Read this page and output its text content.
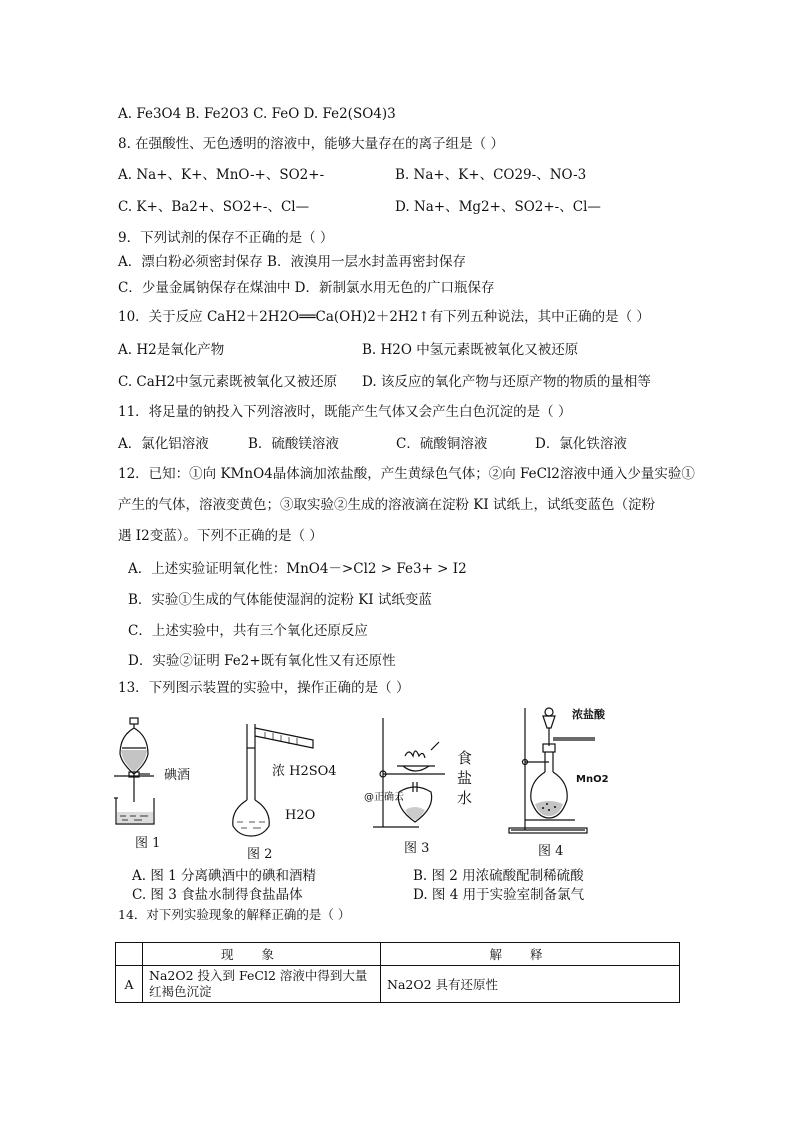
A. Fe3O4 B. Fe2O3 C. FeO D. Fe2(SO4)3
8. 在强酸性、无色透明的溶液中，能够大量存在的离子组是（ ）
A. Na+、K+、MnO-+、SO2+-	B. Na+、K+、CO29-、NO-3
C. K+、Ba2+、SO2+-、Cl—	D. Na+、Mg2+、SO2+-、Cl—
9．下列试剂的保存不正确的是（ ）
A．漂白粉必须密封保存 B．液溴用一层水封盖再密封保存
C．少量金属钠保存在煤油中 D．新制氯水用无色的广口瓶保存
10．关于反应 CaH2＋2H2O══Ca(OH)2＋2H2↑有下列五种说法，其中正确的是（ ）
A. H2是氧化产物	B. H2O 中氢元素既被氧化又被还原
C. CaH2中氢元素既被氧化又被还原 D. 该反应的氧化产物与还原产物的物质的量相等
11．将足量的钠投入下列溶液时，既能产生气体又会产生白色沉淀的是（ ）
A．氯化铝溶液	B．硫酸镁溶液	C．硫酸铜溶液	D．氯化铁溶液
12．已知：①向 KMnO4晶体滴加浓盐酸，产生黄绿色气体；②向 FeCl2溶液中通入少量实验①
产生的气体，溶液变黄色；③取实验②生成的溶液滴在淀粉 KI 试纸上，试纸变蓝色（淀粉
遇 I2变蓝）。下列不正确的是（ ）
A．上述实验证明氧化性：MnO4－>Cl2 > Fe3+ > I2
B．实验①生成的气体能使湿润的淀粉 KI 试纸变蓝
C．上述实验中，共有三个氧化还原反应
D．实验②证明 Fe2+既有氧化性又有还原性
13．下列图示装置的实验中，操作正确的是（ ）
碘酒
图 1
浓 H2SO4
H2O
图 2
食盐水
@正确云
图 3
浓盐酸
MnO2
图 4
A. 图 1 分离碘酒中的碘和酒精	B. 图 2 用浓硫酸配制稀硫酸
C. 图 3 食盐水制得食盐晶体	D. 图 4 用于实验室制备氯气
14．对下列实验现象的解释正确的是（ ）
	现象	解释
A	Na2O2 投入到 FeCl2 溶液中得到大量红褐色沉淀	Na2O2 具有还原性
